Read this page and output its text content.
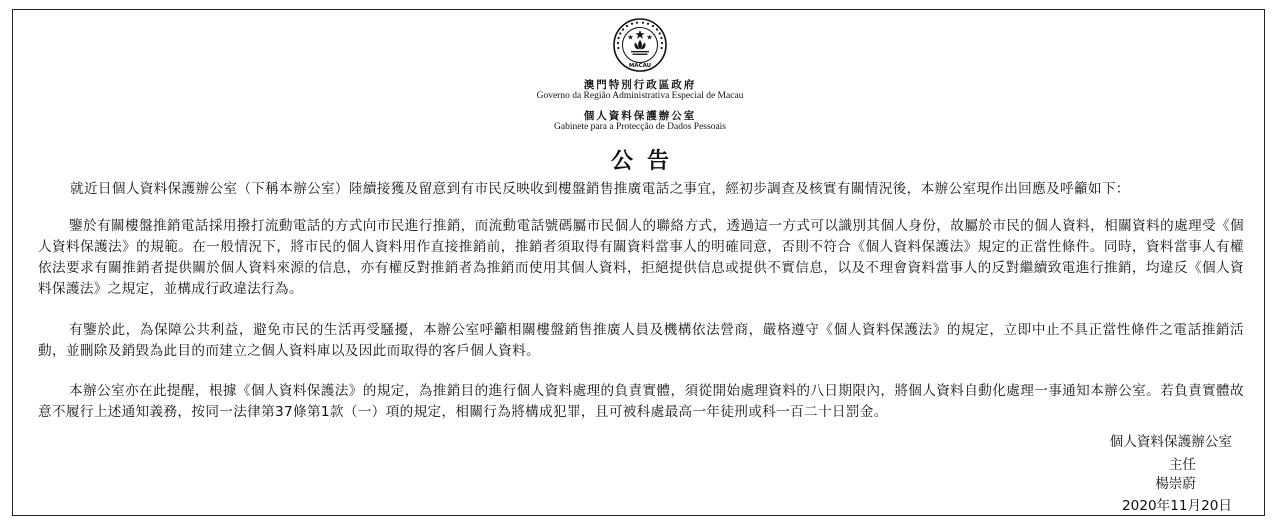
MACAU
澳門特別行政區政府
Governo da Região Administrativa Especial de Macau
個人資料保護辦公室
Gabinete para a Protecção de Dados Pessoais
公告

就近日個人資料保護辦公室（下稱本辦公室）陸續接獲及留意到有市民反映收到樓盤銷售推廣電話之事宜，經初步調查及核實有關情況後，本辦公室現作出回應及呼籲如下：

鑒於有關樓盤推銷電話採用撥打流動電話的方式向市民進行推銷，而流動電話號碼屬市民個人的聯絡方式，透過這一方式可以識別其個人身份，故屬於市民的個人資料，相關資料的處理受《個人資料保護法》的規範。在一般情況下，將市民的個人資料用作直接推銷前，推銷者須取得有關資料當事人的明確同意，否則不符合《個人資料保護法》規定的正當性條件。同時，資料當事人有權依法要求有關推銷者提供關於個人資料來源的信息，亦有權反對推銷者為推銷而使用其個人資料，拒絕提供信息或提供不實信息，以及不理會資料當事人的反對繼續致電進行推銷，均違反《個人資料保護法》之規定，並構成行政違法行為。

有鑒於此，為保障公共利益，避免市民的生活再受騷擾，本辦公室呼籲相關樓盤銷售推廣人員及機構依法營商，嚴格遵守《個人資料保護法》的規定，立即中止不具正當性條件之電話推銷活動，並刪除及銷毀為此目的而建立之個人資料庫以及因此而取得的客戶個人資料。

本辦公室亦在此提醒，根據《個人資料保護法》的規定，為推銷目的進行個人資料處理的負責實體，須從開始處理資料的八日期限內，將個人資料自動化處理一事通知本辦公室。若負責實體故意不履行上述通知義務，按同一法律第37條第1款（一）項的規定，相關行為將構成犯罪，且可被科處最高一年徒刑或科一百二十日罰金。

個人資料保護辦公室
主任
楊崇蔚
2020年11月20日
